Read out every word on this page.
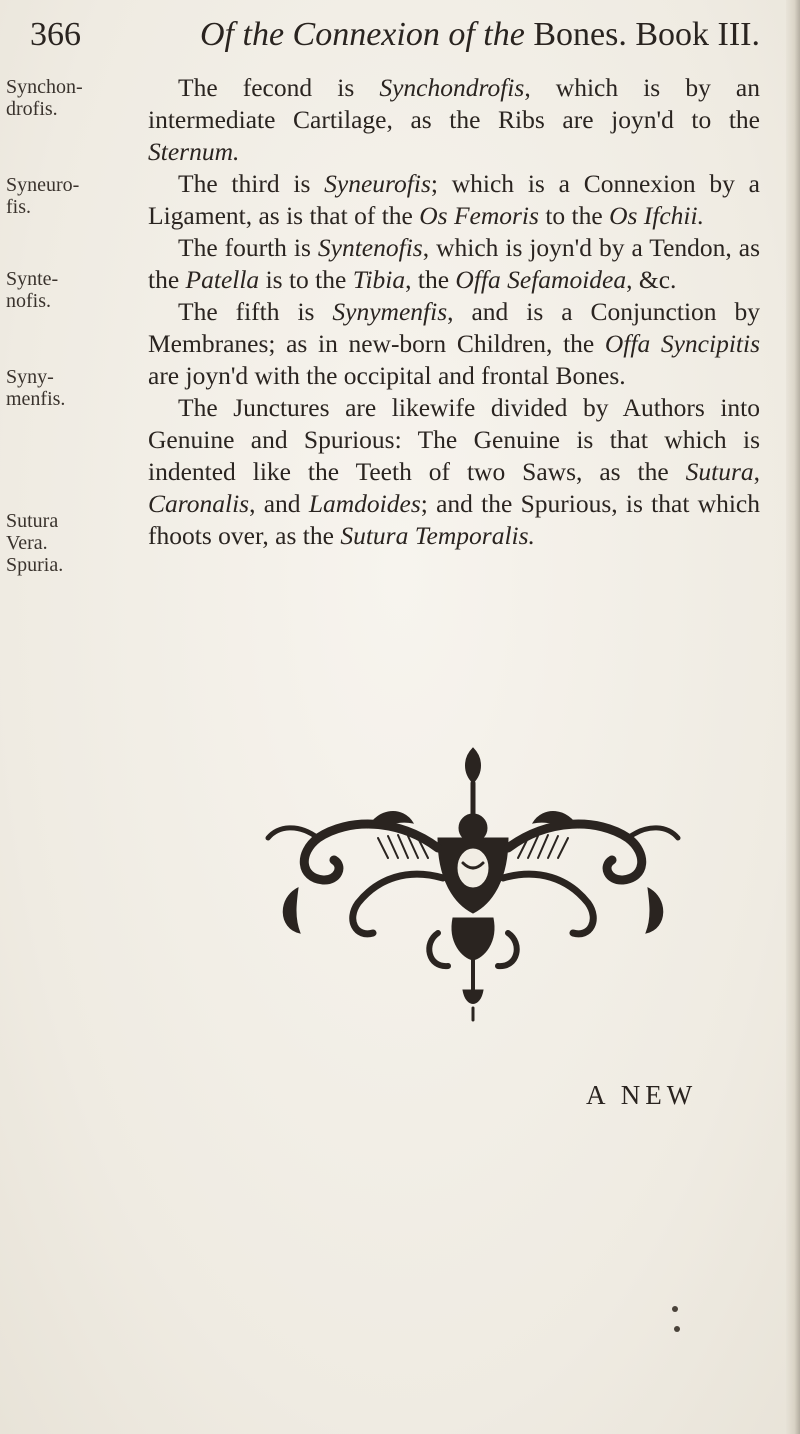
366	Of the Connexion of the Bones. Book III.
Synchon-
drofis.
Syneuro-
fis.
Synte-
nofis.
Syny-
menfis.
Sutura
Vera.
Spuria.

The fecond is Synchondrofis, which is by an intermediate Cartilage, as the Ribs are joyn'd to the Sternum.

The third is Syneurofis; which is a Connexion by a Ligament, as is that of the Os Femoris to the Os Ifchii.

The fourth is Syntenofis, which is joyn'd by a Tendon, as the Patella is to the Tibia, the Offa Sefamoidea, &c.

The fifth is Synymenfis, and is a Conjunction by Membranes; as in new-born Children, the Offa Syncipitis are joyn'd with the occipital and frontal Bones.

The Junctures are likewife divided by Authors into Genuine and Spurious: The Genuine is that which is indented like the Teeth of two Saws, as the Sutura, Caronalis, and Lamdoides; and the Spurious, is that which fhoots over, as the Sutura Temporalis.

A NEW
